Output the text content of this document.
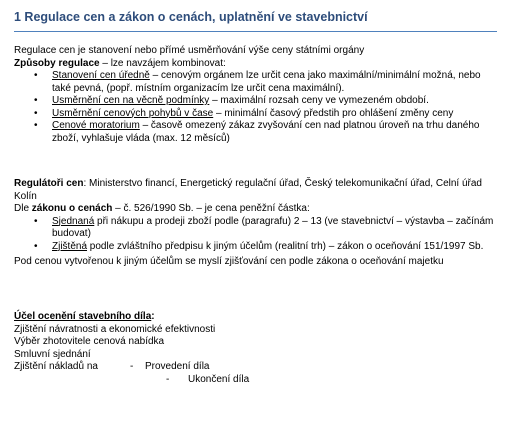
1 Regulace cen a zákon o cenách, uplatnění ve stavebnictví
Regulace cen je stanovení nebo přímé usměrňování výše ceny státními orgány
Způsoby regulace – lze navzájem kombinovat:
•	Stanovení cen úředně – cenovým orgánem lze určit cena jako maximální/minimální možná, nebo také pevná, (popř. místním organizacím lze určit cena maximální).
•	Usměrnění cen na věcně podmínky – maximální rozsah ceny ve vymezeném období.
•	Usměrnění cenových pohybů v čase – minimální časový předstih pro ohlášení změny ceny
•	Cenové moratorium – časově omezený zákaz zvyšování cen nad platnou úroveň na trhu daného zboží, vyhlašuje vláda (max. 12 měsíců)
Regulátoři cen: Ministerstvo financí, Energetický regulační úřad, Český telekomunikační úřad, Celní úřad Kolín
Dle zákonu o cenách – č. 526/1990 Sb. – je cena peněžní částka:
•	Sjednaná při nákupu a prodeji zboží podle (paragrafu) 2 – 13 (ve stavebnictví – výstavba – začínám budovat)
•	Zjištěná podle zvláštního předpisu k jiným účelům (realitní trh) – zákon o oceňování 151/1997 Sb.
Pod cenou vytvořenou k jiným účelům se myslí zjišťování cen podle zákona o oceňování majetku
Účel ocenění stavebního díla:
Zjištění návratnosti a ekonomické efektivnosti
Výběr zhotovitele cenová nabídka
Smluvní sjednání
Zjištění nákladů na	- Provedení díla
- Ukončení díla
